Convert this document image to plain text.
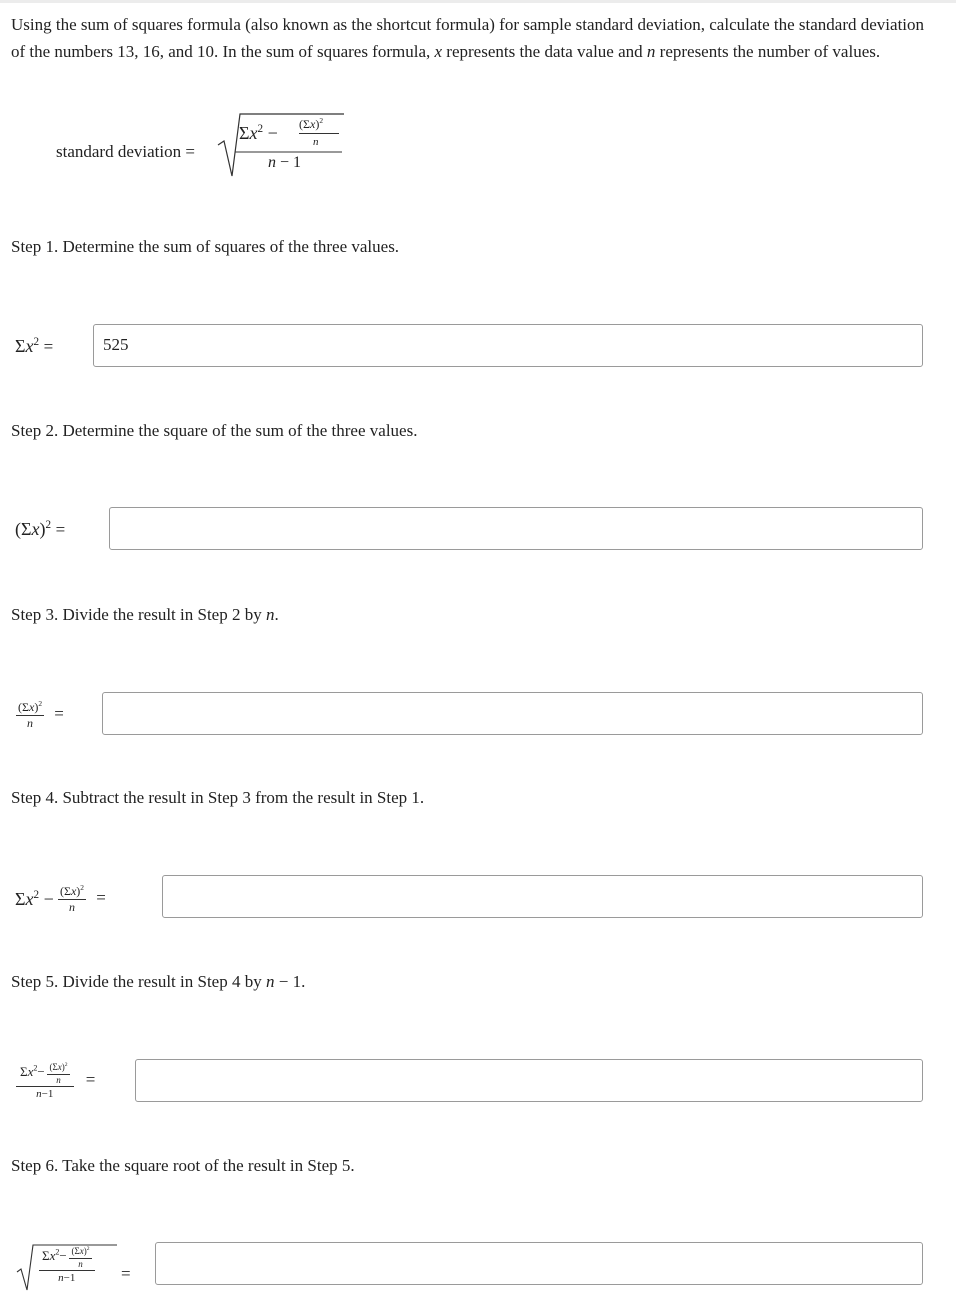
Using the sum of squares formula (also known as the shortcut formula) for sample standard deviation, calculate the standard deviation of the numbers 13, 16, and 10. In the sum of squares formula, x represents the data value and n represents the number of values.
standard deviation =
$\Sigma x^2 - (\Sigma x)^2$
n
n − 1
Step 1. Determine the sum of squares of the three values.
$\Sigma x^2$ =	525
Step 2. Determine the square of the sum of the three values.
$(\Sigma x)^2$ =
Step 3. Divide the result in Step 2 by n.
$\frac{(\Sigma x)^2}{n}$ =
Step 4. Subtract the result in Step 3 from the result in Step 1.
$\Sigma x^2 - \frac{(\Sigma x)^2}{n}$ =
Step 5. Divide the result in Step 4 by n − 1.
$\frac{\Sigma x^2- \frac{(\Sigma x)^2}{n}}{n-1}$ =
Step 6. Take the square root of the result in Step 5.
$\frac{\Sigma x^2- \frac{(\Sigma x)^2}{n}}{n-1}$ =
